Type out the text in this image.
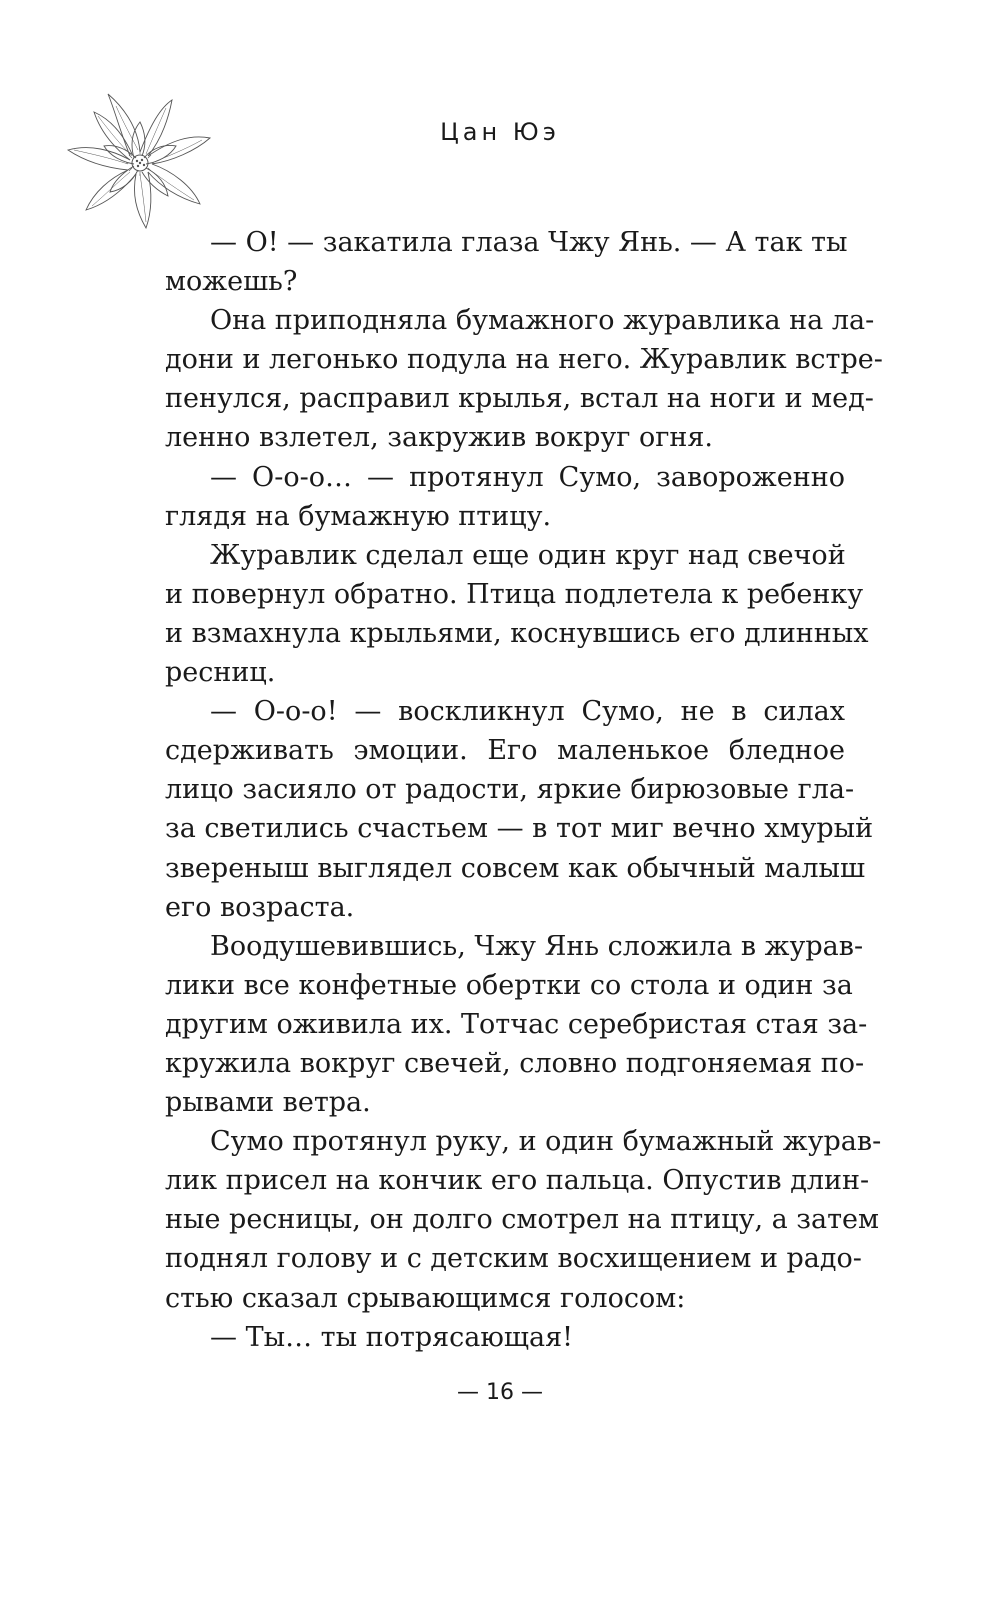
Цан Юэ
— О! — закатила глаза Чжу Янь. — А так ты
можешь?
Она приподняла бумажного журавлика на ла-
дони и легонько подула на него. Журавлик встре-
пенулся, расправил крылья, встал на ноги и мед-
ленно взлетел, закружив вокруг огня.
— О-о-о… — протянул Сумо, завороженно
глядя на бумажную птицу.
Журавлик сделал еще один круг над свечой
и повернул обратно. Птица подлетела к ребенку
и взмахнула крыльями, коснувшись его длинных
ресниц.
— О-о-о! — воскликнул Сумо, не в силах
сдерживать эмоции. Его маленькое бледное
лицо засияло от радости, яркие бирюзовые гла-
за светились счастьем — в тот миг вечно хмурый
звереныш выглядел совсем как обычный малыш
его возраста.
Воодушевившись, Чжу Янь сложила в журав-
лики все конфетные обертки со стола и один за
другим оживила их. Тотчас серебристая стая за-
кружила вокруг свечей, словно подгоняемая по-
рывами ветра.
Сумо протянул руку, и один бумажный журав-
лик присел на кончик его пальца. Опустив длин-
ные ресницы, он долго смотрел на птицу, а затем
поднял голову и с детским восхищением и радо-
стью сказал срывающимся голосом:
— Ты… ты потрясающая!
— 16 —
